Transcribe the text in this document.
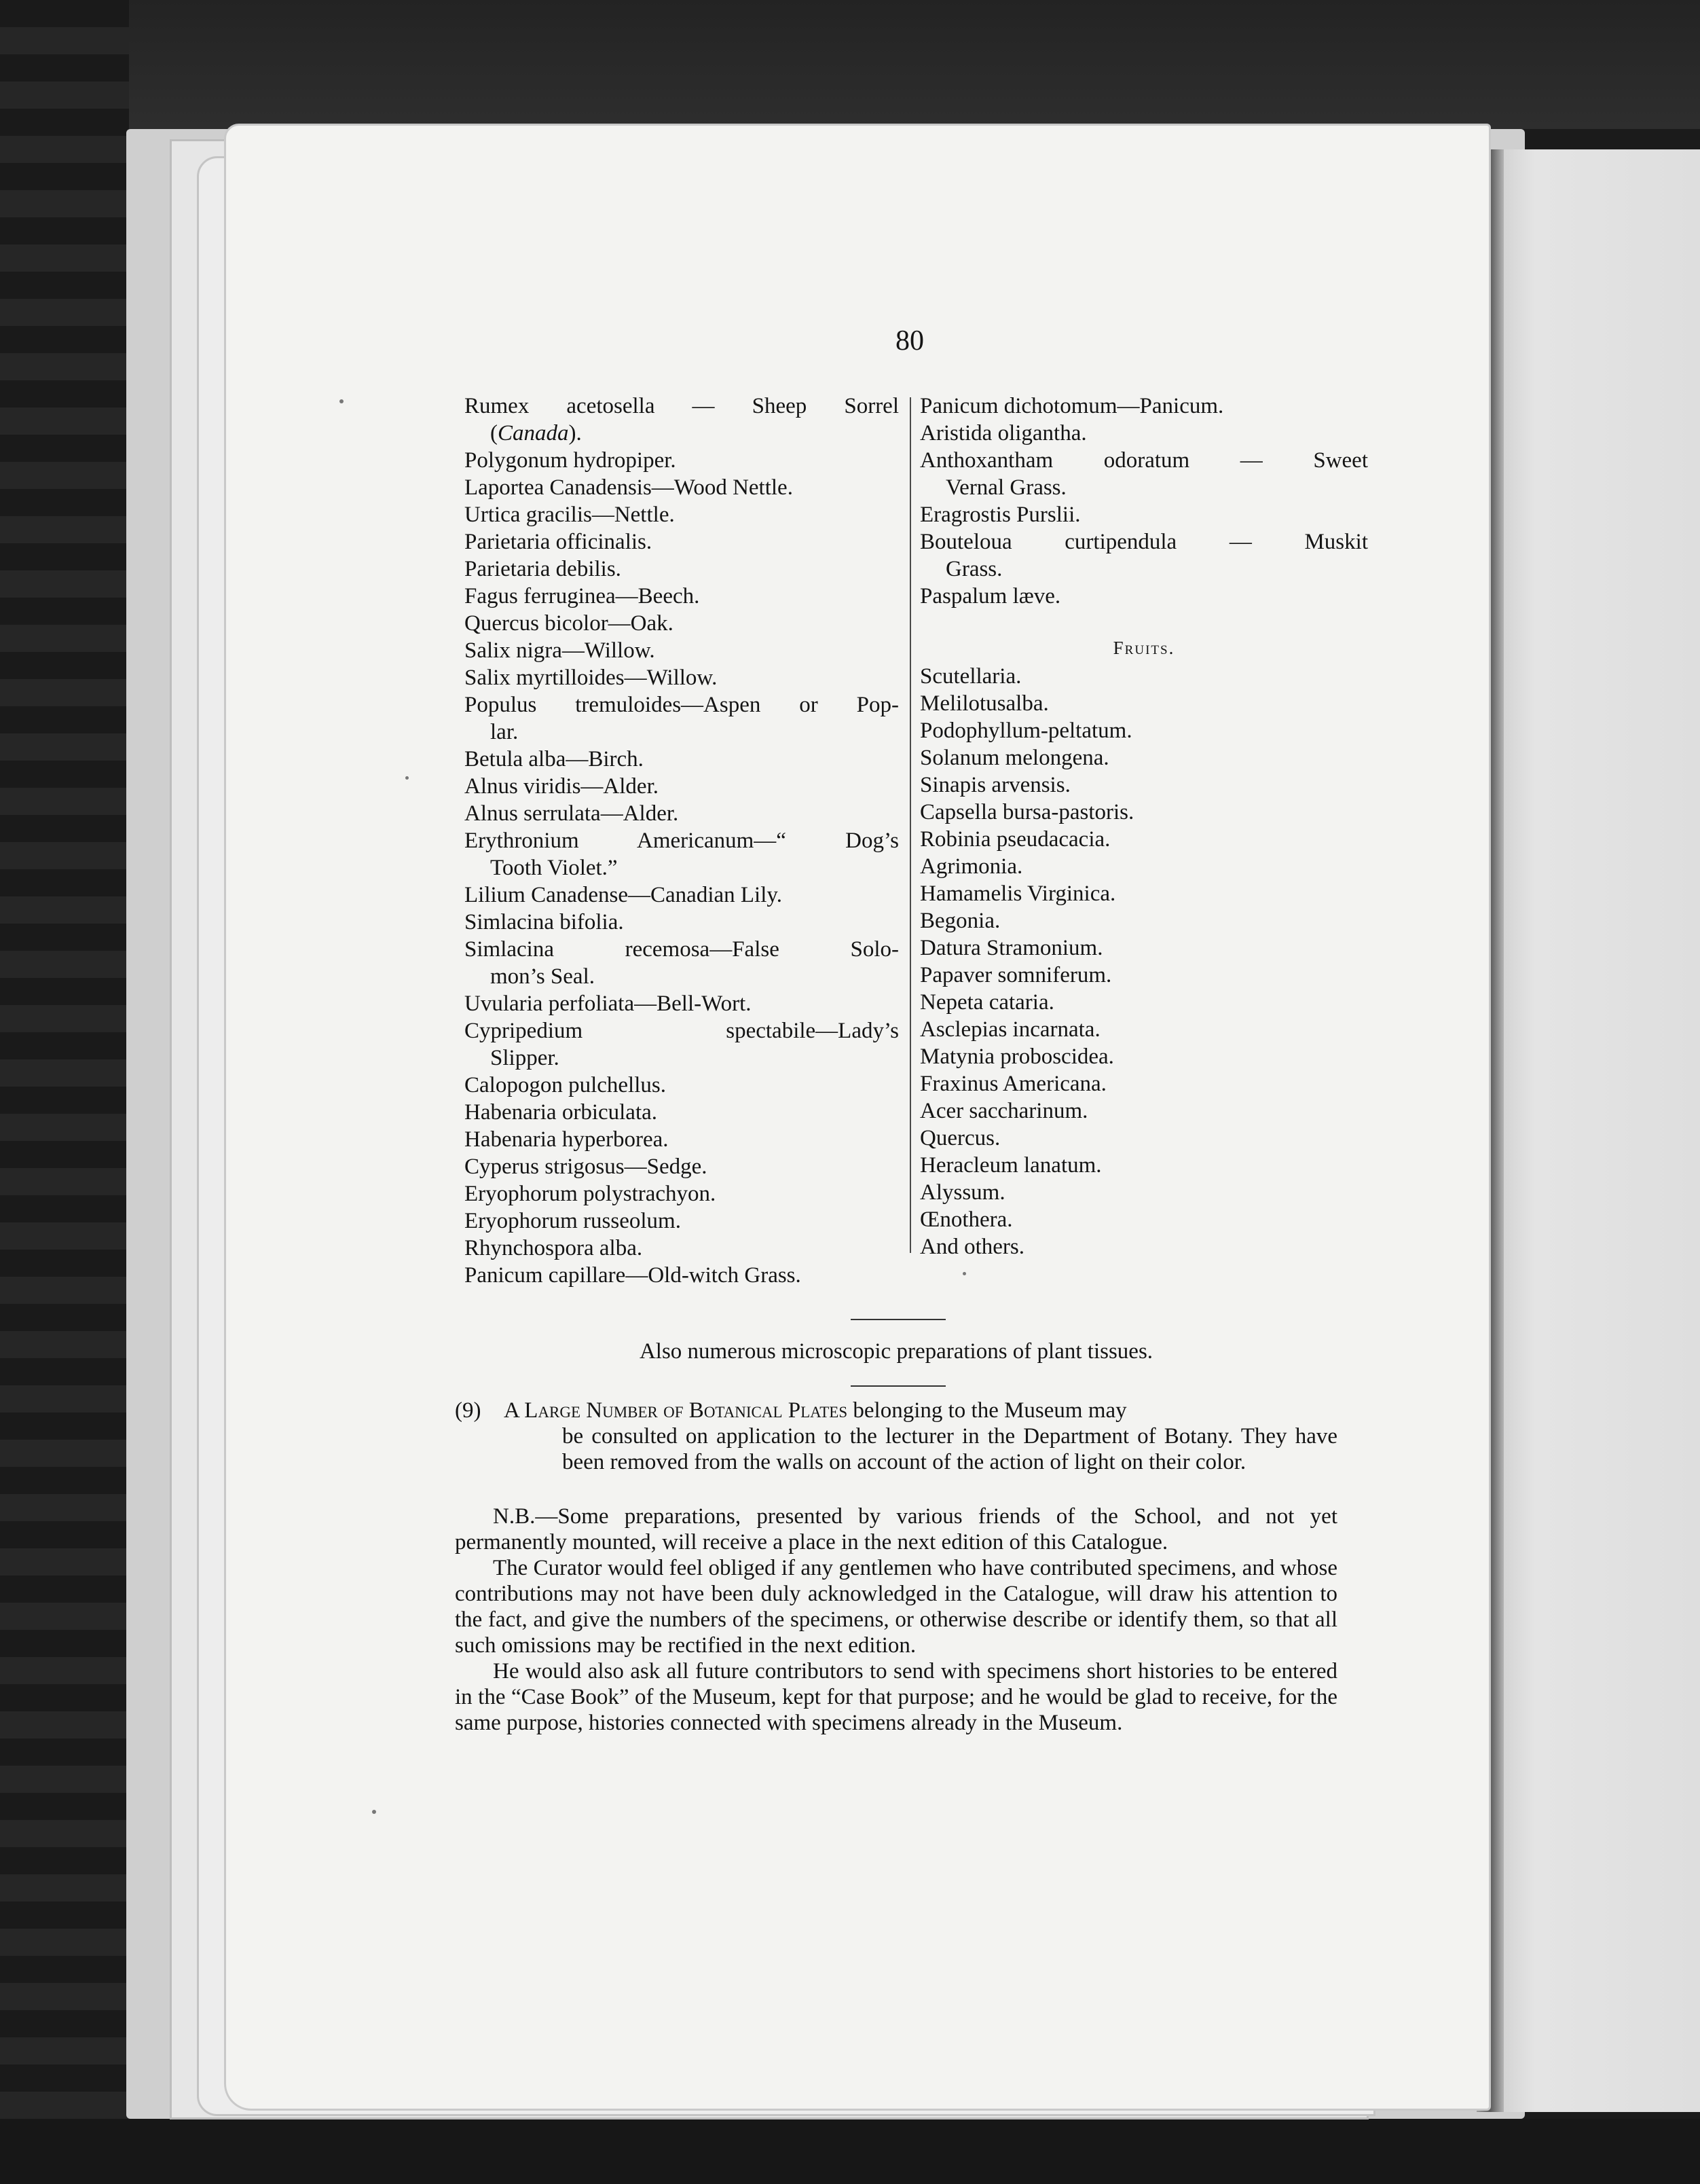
80
Rumex acetosella — Sheep Sorrel
(Canada).
Polygonum hydropiper.
Laportea Canadensis—Wood Nettle.
Urtica gracilis—Nettle.
Parietaria officinalis.
Parietaria debilis.
Fagus ferruginea—Beech.
Quercus bicolor—Oak.
Salix nigra—Willow.
Salix myrtilloides—Willow.
Populus tremuloides—Aspen or Pop-
lar.
Betula alba—Birch.
Alnus viridis—Alder.
Alnus serrulata—Alder.
Erythronium Americanum—“ Dog’s
Tooth Violet.”
Lilium Canadense—Canadian Lily.
Simlacina bifolia.
Simlacina recemosa—False Solo-
mon’s Seal.
Uvularia perfoliata—Bell-Wort.
Cypripedium spectabile—Lady’s
Slipper.
Calopogon pulchellus.
Habenaria orbiculata.
Habenaria hyperborea.
Cyperus strigosus—Sedge.
Eryophorum polystrachyon.
Eryophorum russeolum.
Rhynchospora alba.
Panicum capillare—Old-witch Grass.
Panicum dichotomum—Panicum.
Aristida oligantha.
Anthoxantham odoratum — Sweet
Vernal Grass.
Eragrostis Purslii.
Bouteloua curtipendula — Muskit
Grass.
Paspalum læve.
Fruits.
Scutellaria.
Melilotusalba.
Podophyllum-peltatum.
Solanum melongena.
Sinapis arvensis.
Capsella bursa-pastoris.
Robinia pseudacacia.
Agrimonia.
Hamamelis Virginica.
Begonia.
Datura Stramonium.
Papaver somniferum.
Nepeta cataria.
Asclepias incarnata.
Matynia proboscidea.
Fraxinus Americana.
Acer saccharinum.
Quercus.
Heracleum lanatum.
Alyssum.
Œnothera.
And others.
Also numerous microscopic preparations of plant tissues.
(9) A Large Number of Botanical Plates belonging to the Museum may
be consulted on application to the lecturer in the Department of Botany. They have been removed from the walls on account of the action of light on their color.

N.B.—Some preparations, presented by various friends of the School, and not yet permanently mounted, will receive a place in the next edition of this Catalogue.

The Curator would feel obliged if any gentlemen who have contributed specimens, and whose contributions may not have been duly acknowledged in the Catalogue, will draw his attention to the fact, and give the numbers of the specimens, or otherwise describe or identify them, so that all such omissions may be rectified in the next edition.

He would also ask all future contributors to send with specimens short histories to be entered in the “Case Book” of the Museum, kept for that purpose; and he would be glad to receive, for the same purpose, histories connected with specimens already in the Museum.
